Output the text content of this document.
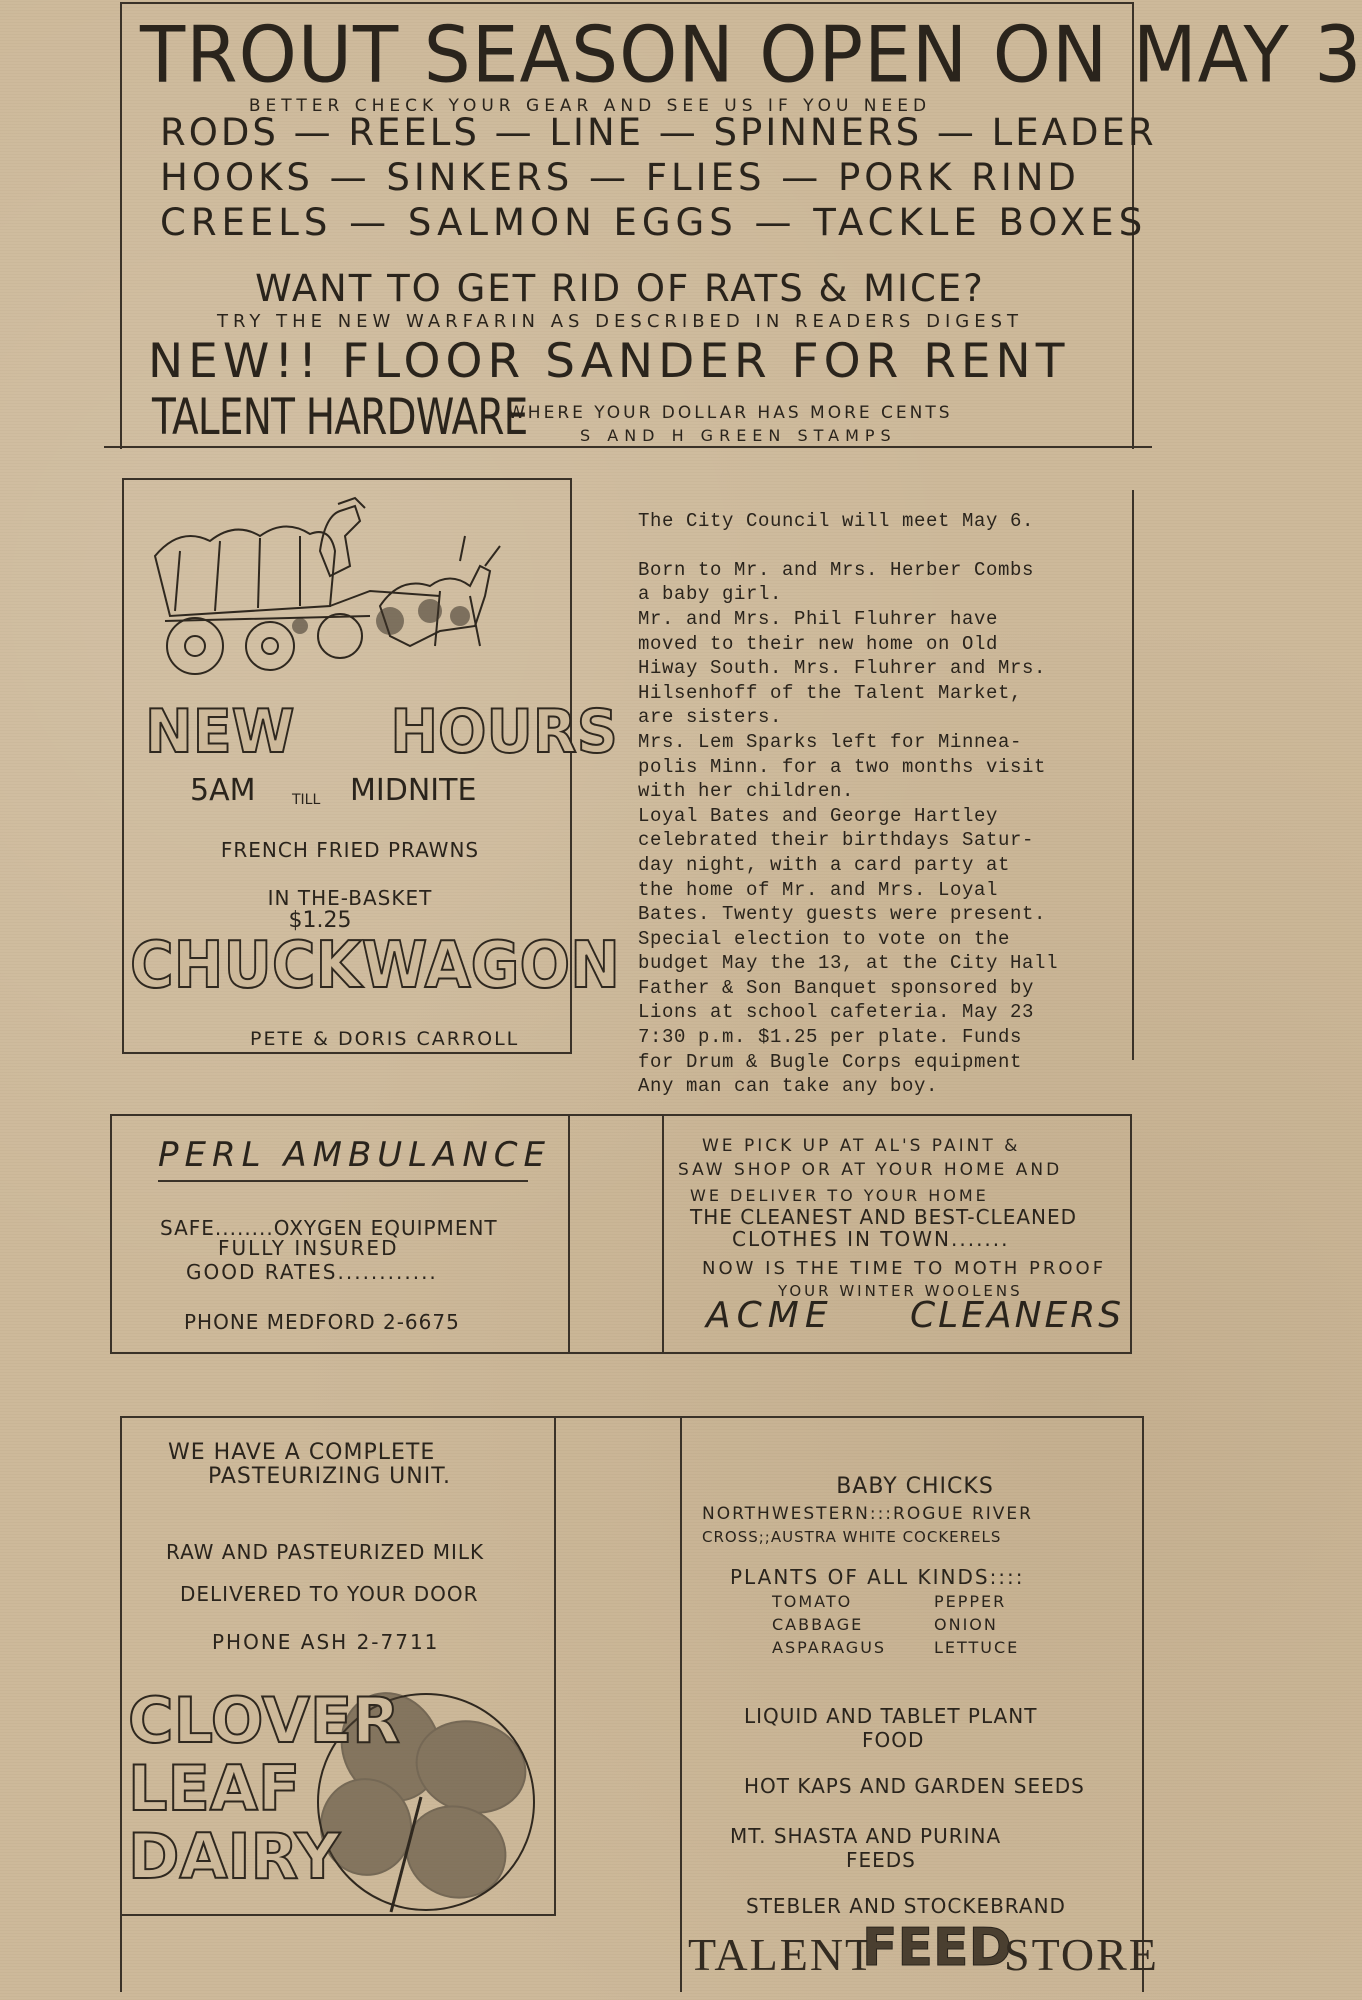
TROUT SEASON OPEN ON MAY 3
BETTER CHECK YOUR GEAR AND SEE US IF YOU NEED
RODS — REELS — LINE — SPINNERS — LEADER
HOOKS — SINKERS — FLIES — PORK RIND
CREELS — SALMON EGGS — TACKLE BOXES
WANT TO GET RID OF RATS & MICE?
TRY THE NEW WARFARIN AS DESCRIBED IN READERS DIGEST
NEW!! FLOOR SANDER FOR RENT
TALENT HARDWARE
WHERE YOUR DOLLAR HAS MORE CENTS
S AND H GREEN STAMPS
NEW HOURS
5AM	TILL MIDNITE
FRENCH FRIED PRAWNS
IN THE-BASKET
$1.25
CHUCKWAGON
PETE & DORIS CARROLL

The City Council will meet May 6.
Born to Mr. and Mrs. Herber Combs
a baby girl.
Mr. and Mrs. Phil Fluhrer have
moved to their new home on Old
Hiway South. Mrs. Fluhrer and Mrs.
Hilsenhoff of the Talent Market,
are sisters.
Mrs. Lem Sparks left for Minnea-
polis Minn. for a two months visit
with her children.
Loyal Bates and George Hartley
celebrated their birthdays Satur-
day night, with a card party at
the home of Mr. and Mrs. Loyal
Bates. Twenty guests were present.
Special election to vote on the
budget May the 13, at the City Hall
Father & Son Banquet sponsored by
Lions at school cafeteria. May 23
7:30 p.m. $1.25 per plate. Funds
for Drum & Bugle Corps equipment
Any man can take any boy.
PERL AMBULANCE
SAFE........OXYGEN EQUIPMENT
FULLY INSURED
GOOD RATES............
PHONE MEDFORD 2-6675
WE PICK UP AT AL'S PAINT &
SAW SHOP OR AT YOUR HOME AND
WE DELIVER TO YOUR HOME
THE CLEANEST AND BEST-CLEANED
CLOTHES IN TOWN.......
NOW IS THE TIME TO MOTH PROOF
YOUR WINTER WOOLENS
ACME CLEANERS
WE HAVE A COMPLETE
PASTEURIZING UNIT.
RAW AND PASTEURIZED MILK
DELIVERED TO YOUR DOOR
PHONE ASH 2-7711
CLOVER
LEAF
DAIRY
BABY CHICKS
NORTHWESTERN:::ROGUE RIVER
CROSS;;AUSTRA WHITE COCKERELS
PLANTS OF ALL KINDS::::
TOMATO	PEPPER
CABBAGE	ONION
ASPARAGUS	LETTUCE
LIQUID AND TABLET PLANT
FOOD
HOT KAPS AND GARDEN SEEDS
MT. SHASTA AND PURINA
FEEDS
STEBLER AND STOCKEBRAND
TALENT
FEED
STORE
